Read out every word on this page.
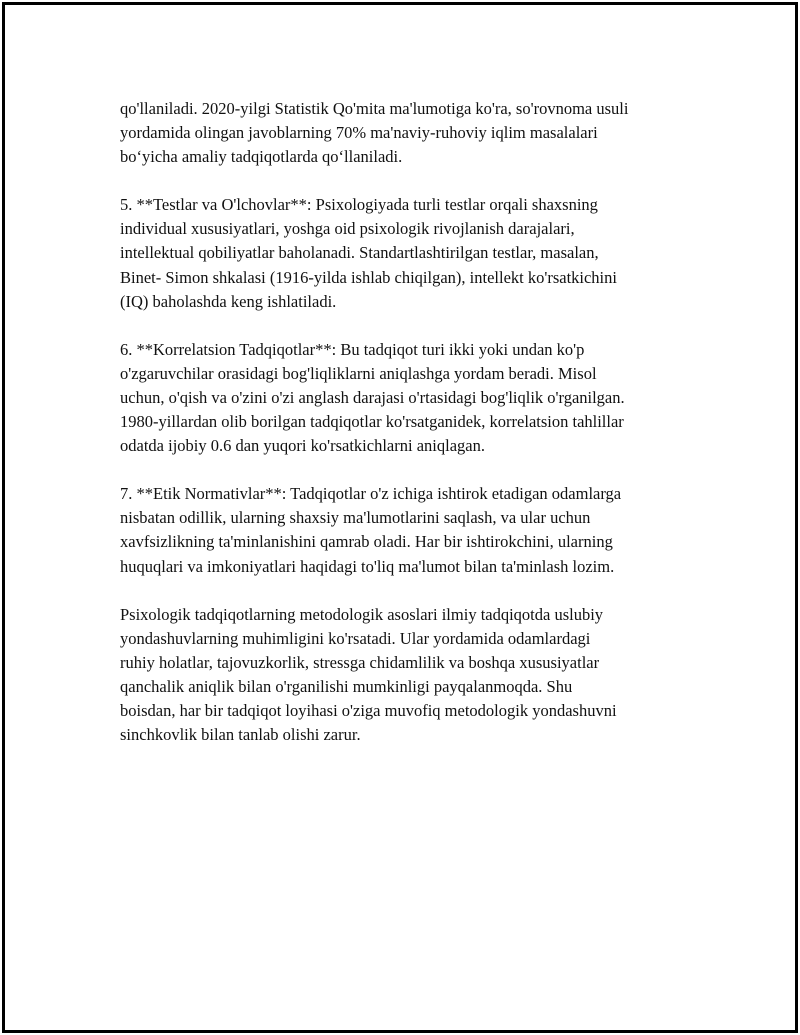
qo'llaniladi. 2020-yilgi Statistik Qo'mita ma'lumotiga ko'ra, so'rovnoma usuli
yordamida olingan javoblarning 70% ma'naviy-ruhoviy iqlim masalalari
bo‘yicha amaliy tadqiqotlarda qo‘llaniladi.

5. **Testlar va O'lchovlar**: Psixologiyada turli testlar orqali shaxsning
individual xususiyatlari, yoshga oid psixologik rivojlanish darajalari,
intellektual qobiliyatlar baholanadi. Standartlashtirilgan testlar, masalan,
Binet- Simon shkalasi (1916-yilda ishlab chiqilgan), intellekt ko'rsatkichini
(IQ) baholashda keng ishlatiladi.

6. **Korrelatsion Tadqiqotlar**: Bu tadqiqot turi ikki yoki undan ko'p
o'zgaruvchilar orasidagi bog'liqliklarni aniqlashga yordam beradi. Misol
uchun, o'qish va o'zini o'zi anglash darajasi o'rtasidagi bog'liqlik o'rganilgan.
1980-yillardan olib borilgan tadqiqotlar ko'rsatganidek, korrelatsion tahlillar
odatda ijobiy 0.6 dan yuqori ko'rsatkichlarni aniqlagan.

7. **Etik Normativlar**: Tadqiqotlar o'z ichiga ishtirok etadigan odamlarga
nisbatan odillik, ularning shaxsiy ma'lumotlarini saqlash, va ular uchun
xavfsizlikning ta'minlanishini qamrab oladi. Har bir ishtirokchini, ularning
huquqlari va imkoniyatlari haqidagi to'liq ma'lumot bilan ta'minlash lozim.

Psixologik tadqiqotlarning metodologik asoslari ilmiy tadqiqotda uslubiy
yondashuvlarning muhimligini ko'rsatadi. Ular yordamida odamlardagi
ruhiy holatlar, tajovuzkorlik, stressga chidamlilik va boshqa xususiyatlar
qanchalik aniqlik bilan o'rganilishi mumkinligi payqalanmoqda. Shu
boisdan, har bir tadqiqot loyihasi o'ziga muvofiq metodologik yondashuvni
sinchkovlik bilan tanlab olishi zarur.
